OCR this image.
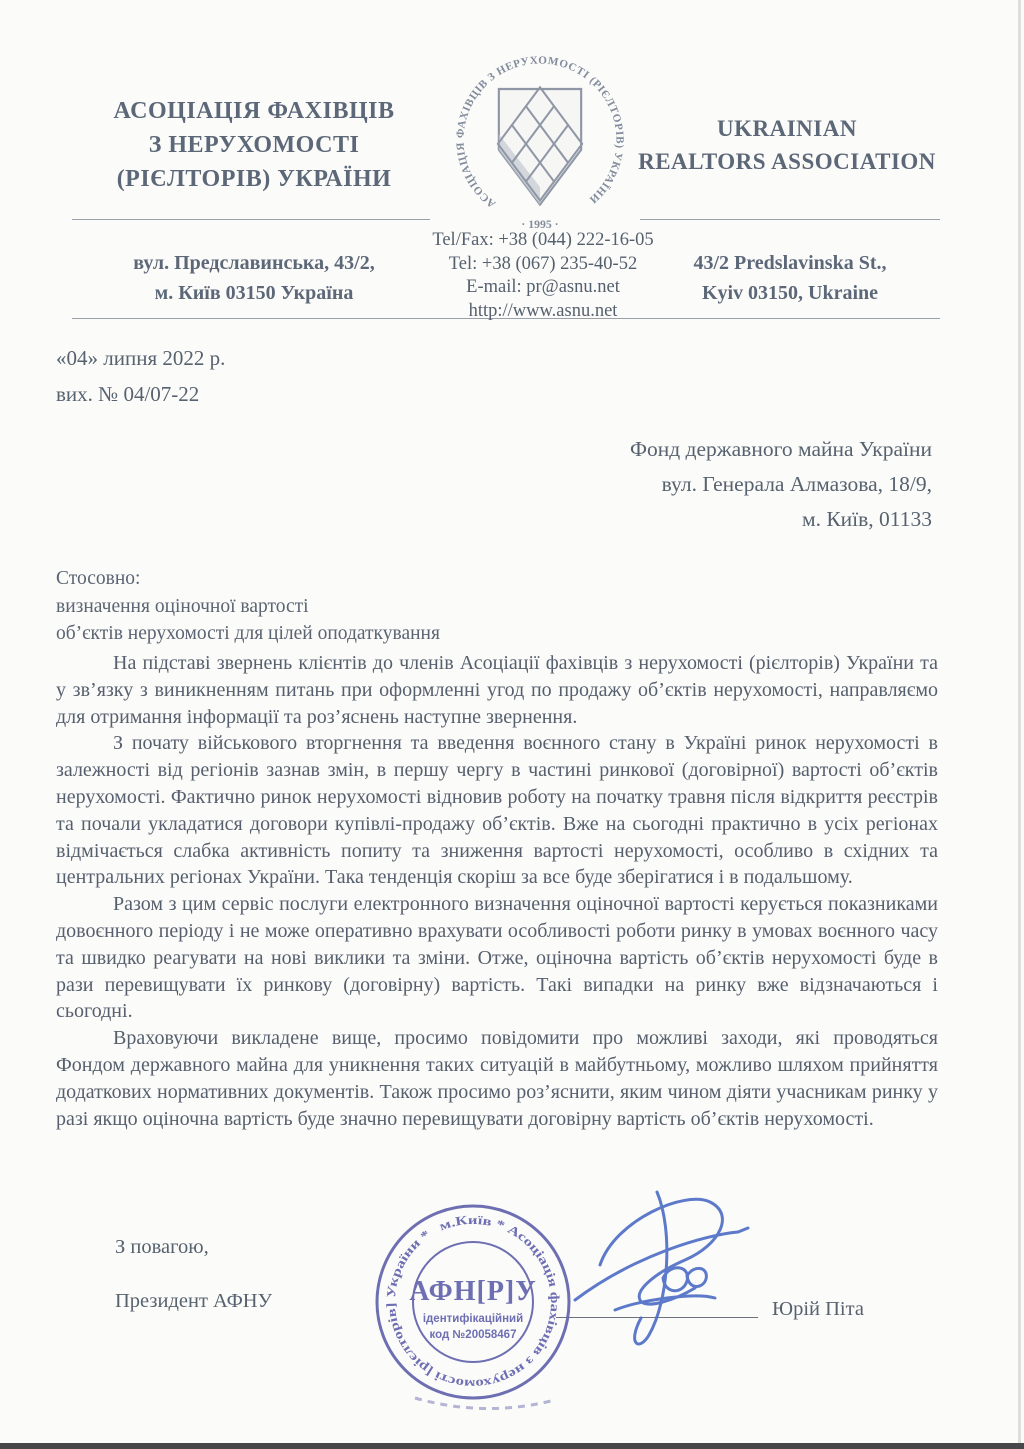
АСОЦІАЦІЯ ФАХІВЦІВ
З НЕРУХОМОСТІ
(РІЄЛТОРІВ) УКРАЇНИ
UKRAINIAN
REALTORS ASSOCIATION
АСОЦІАЦІЯ ФАХІВЦІВ З НЕРУХОМОСТІ (РІЄЛТОРІВ) УКРАЇНИ
· 1995 ·
вул. Предславинська, 43/2,
м. Київ 03150 Україна
Tel/Fax: +38 (044) 222-16-05
Tel: +38 (067) 235-40-52
E-mail: pr@asnu.net
http://www.asnu.net
43/2 Predslavinska St.,
Kyiv 03150, Ukraine
«04» липня 2022 р.
вих. № 04/07-22
Фонд державного майна України
вул. Генерала Алмазова, 18/9,
м. Київ, 01133
Стосовно:
визначення оціночної вартості
об’єктів нерухомості для цілей оподаткування

На підставі звернень клієнтів до членів Асоціації фахівців з нерухомості (рієлторів) України та у зв’язку з виникненням питань при оформленні угод по продажу об’єктів нерухомості, направляємо для отримання інформації та роз’яснень наступне звернення.

З почату військового вторгнення та введення воєнного стану в Україні ринок нерухомості в залежності від регіонів зазнав змін, в першу чергу в частині ринкової (договірної) вартості об’єктів нерухомості. Фактично ринок нерухомості відновив роботу на початку травня після відкриття реєстрів та почали укладатися договори купівлі-продажу об’єктів. Вже на сьогодні практично в усіх регіонах відмічається слабка активність попиту та зниження вартості нерухомості, особливо в східних та центральних регіонах України. Така тенденція скоріш за все буде зберігатися і в подальшому.

Разом з цим сервіс послуги електронного визначення оціночної вартості керується показниками довоєнного періоду і не може оперативно врахувати особливості роботи ринку в умовах воєнного часу та швидко реагувати на нові виклики та зміни. Отже, оціночна вартість об’єктів нерухомості буде в рази перевищувати їх ринкову (договірну) вартість. Такі випадки на ринку вже відзначаються і сьогодні.

Враховуючи викладене вище, просимо повідомити про можливі заходи, які проводяться Фондом державного майна для уникнення таких ситуацій в майбутньому, можливо шляхом прийняття додаткових нормативних документів. Також просимо роз’яснити, яким чином діяти учасникам ринку у разі якщо оціночна вартість буде значно перевищувати договірну вартість об’єктів нерухомості.

З повагою,
Президент АФНУ	Юрій Піта
м.Київ * Асоціація фахівців з нерухомості [рієлторів] України *
АФН[Р]У
ідентифікаційний
код №20058467
